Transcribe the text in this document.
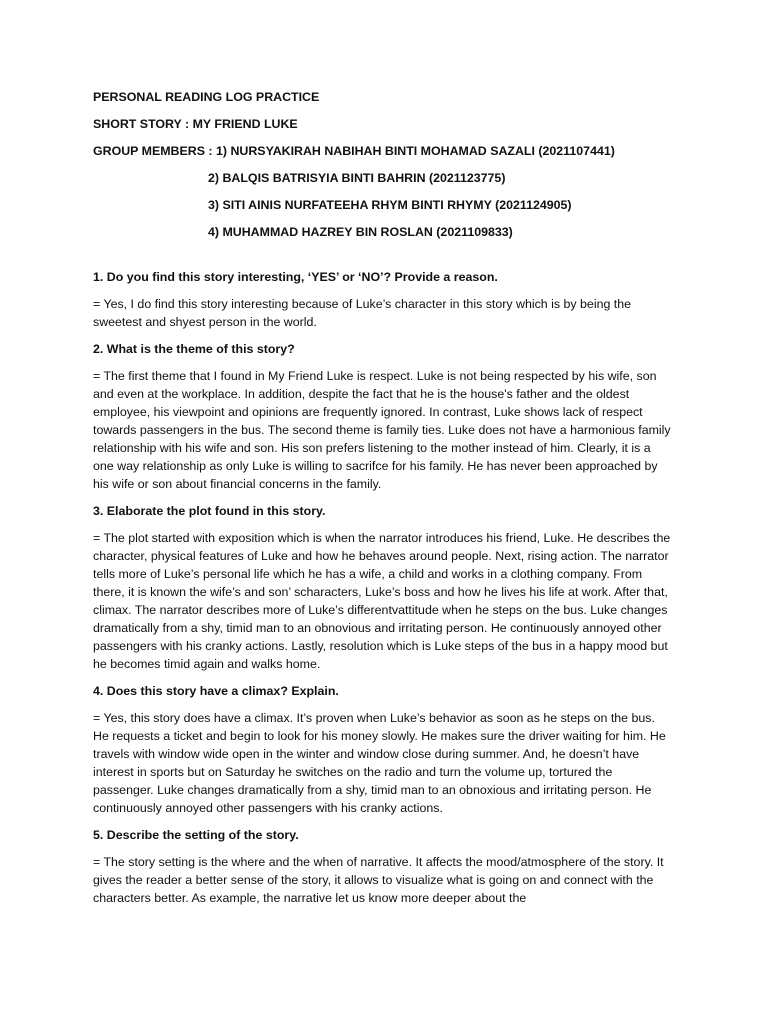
PERSONAL READING LOG PRACTICE

SHORT STORY : MY FRIEND LUKE

GROUP MEMBERS : 1) NURSYAKIRAH NABIHAH BINTI MOHAMAD SAZALI (2021107441)

2) BALQIS BATRISYIA BINTI BAHRIN (2021123775)

3) SITI AINIS NURFATEEHA RHYM BINTI RHYMY (2021124905)

4) MUHAMMAD HAZREY BIN ROSLAN (2021109833)

1. Do you find this story interesting, ‘YES’ or ‘NO’? Provide a reason.

= Yes, I do find this story interesting because of Luke’s character in this story which is by being the sweetest and shyest person in the world.

2. What is the theme of this story?

= The first theme that I found in My Friend Luke is respect. Luke is not being respected by his wife, son and even at the workplace. In addition, despite the fact that he is the house's father and the oldest employee, his viewpoint and opinions are frequently ignored. In contrast, Luke shows lack of respect towards passengers in the bus. The second theme is family ties. Luke does not have a harmonious family relationship with his wife and son. His son prefers listening to the mother instead of him. Clearly, it is a one way relationship as only Luke is willing to sacrifce for his family. He has never been approached by his wife or son about financial concerns in the family.

3. Elaborate the plot found in this story.

= The plot started with exposition which is when the narrator introduces his friend, Luke. He describes the character, physical features of Luke and how he behaves around people. Next, rising action. The narrator tells more of Luke’s personal life which he has a wife, a child and works in a clothing company. From there, it is known the wife’s and son’ scharacters, Luke’s boss and how he lives his life at work. After that, climax. The narrator describes more of Luke’s differentvattitude when he steps on the bus. Luke changes dramatically from a shy, timid man to an obnovious and irritating person. He continuously annoyed other passengers with his cranky actions. Lastly, resolution which is Luke steps of the bus in a happy mood but he becomes timid again and walks home.

4. Does this story have a climax? Explain.

= Yes, this story does have a climax. It’s proven when Luke’s behavior as soon as he steps on the bus. He requests a ticket and begin to look for his money slowly. He makes sure the driver waiting for him. He travels with window wide open in the winter and window close during summer. And, he doesn’t have interest in sports but on Saturday he switches on the radio and turn the volume up, tortured the passenger. Luke changes dramatically from a shy, timid man to an obnoxious and irritating person. He continuously annoyed other passengers with his cranky actions.

5. Describe the setting of the story.

= The story setting is the where and the when of narrative. It affects the mood/atmosphere of the story. It gives the reader a better sense of the story, it allows to visualize what is going on and connect with the characters better. As example, the narrative let us know more deeper about the
